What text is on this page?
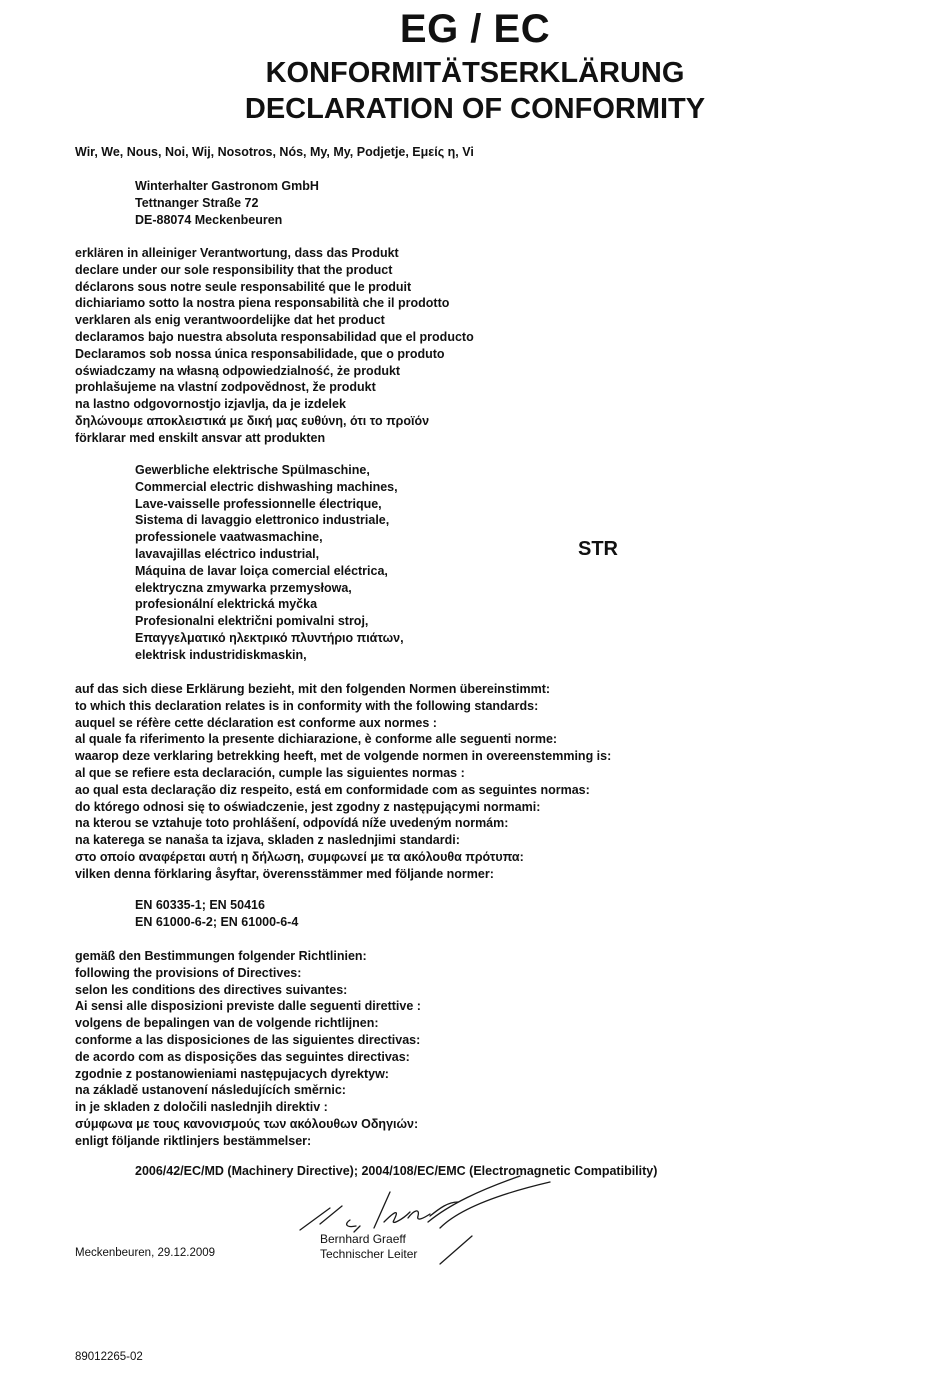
EG / EC
KONFORMITÄTSERKLÄRUNG
DECLARATION OF CONFORMITY
Wir, We, Nous, Noi, Wij, Nosotros, Nós, My, My, Podjetje, Εμείς η, Vi
Winterhalter Gastronom GmbH
Tettnanger Straße 72
DE-88074 Meckenbeuren
erklären in alleiniger Verantwortung, dass das Produkt
declare under our sole responsibility that the product
déclarons sous notre seule responsabilité que le produit
dichiariamo sotto la nostra piena responsabilità che il prodotto
verklaren als enig verantwoordelijke dat het product
declaramos bajo nuestra absoluta responsabilidad que el producto
Declaramos sob nossa única responsabilidade, que o produto
oświadczamy na własną odpowiedzialność, że produkt
prohlašujeme na vlastní zodpovědnost, že produkt
na lastno odgovornostjo izjavlja, da je izdelek
δηλώνουμε αποκλειστικά με δική μας ευθύνη, ότι το προϊόν
förklarar med enskilt ansvar att produkten
Gewerbliche elektrische Spülmaschine,
Commercial electric dishwashing machines,
Lave-vaisselle professionnelle électrique,
Sistema di lavaggio elettronico industriale,
professionele vaatwasmachine,
lavavajillas eléctrico industrial,
Máquina de lavar loiça comercial eléctrica,
elektryczna zmywarka przemysłowa,
profesionální elektrická myčka
Profesionalni električni pomivalni stroj,
Επαγγελματικό ηλεκτρικό πλυντήριο πιάτων,
elektrisk industridiskmaskin,
STR
auf das sich diese Erklärung bezieht, mit den folgenden Normen übereinstimmt:
to which this declaration relates is in conformity with the following standards:
auquel se réfère cette déclaration est conforme aux normes :
al quale fa riferimento la presente dichiarazione, è conforme alle seguenti norme:
waarop deze verklaring betrekking heeft, met de volgende normen in overeenstemming is:
al que se refiere esta declaración, cumple las siguientes normas :
ao qual esta declaração diz respeito, está em conformidade com as seguintes normas:
do którego odnosi się to oświadczenie, jest zgodny z następującymi normami:
na kterou se vztahuje toto prohlášení, odpovídá níže uvedeným normám:
na katerega se nanaša ta izjava, skladen z naslednjimi standardi:
στο οποίο αναφέρεται αυτή η δήλωση, συμφωνεί με τα ακόλουθα πρότυπα:
vilken denna förklaring åsyftar, överensstämmer med följande normer:
EN 60335-1; EN 50416
EN 61000-6-2; EN 61000-6-4
gemäß den Bestimmungen folgender Richtlinien:
following the provisions of Directives:
selon les conditions des directives suivantes:
Ai sensi alle disposizioni previste dalle seguenti direttive :
volgens de bepalingen van de volgende richtlijnen:
conforme a las disposiciones de las siguientes directivas:
de acordo com as disposições das seguintes directivas:
zgodnie z postanowieniami następujacych dyrektyw:
na základě ustanovení následujících směrnic:
in je skladen z določili naslednjih direktiv :
σύμφωνα με τους κανονισμούς των ακόλουθων Οδηγιών:
enligt följande riktlinjers bestämmelser:
2006/42/EC/MD (Machinery Directive); 2004/108/EC/EMC (Electromagnetic Compatibility)
Meckenbeuren, 29.12.2009
Bernhard Graeff
Technischer Leiter
89012265-02
